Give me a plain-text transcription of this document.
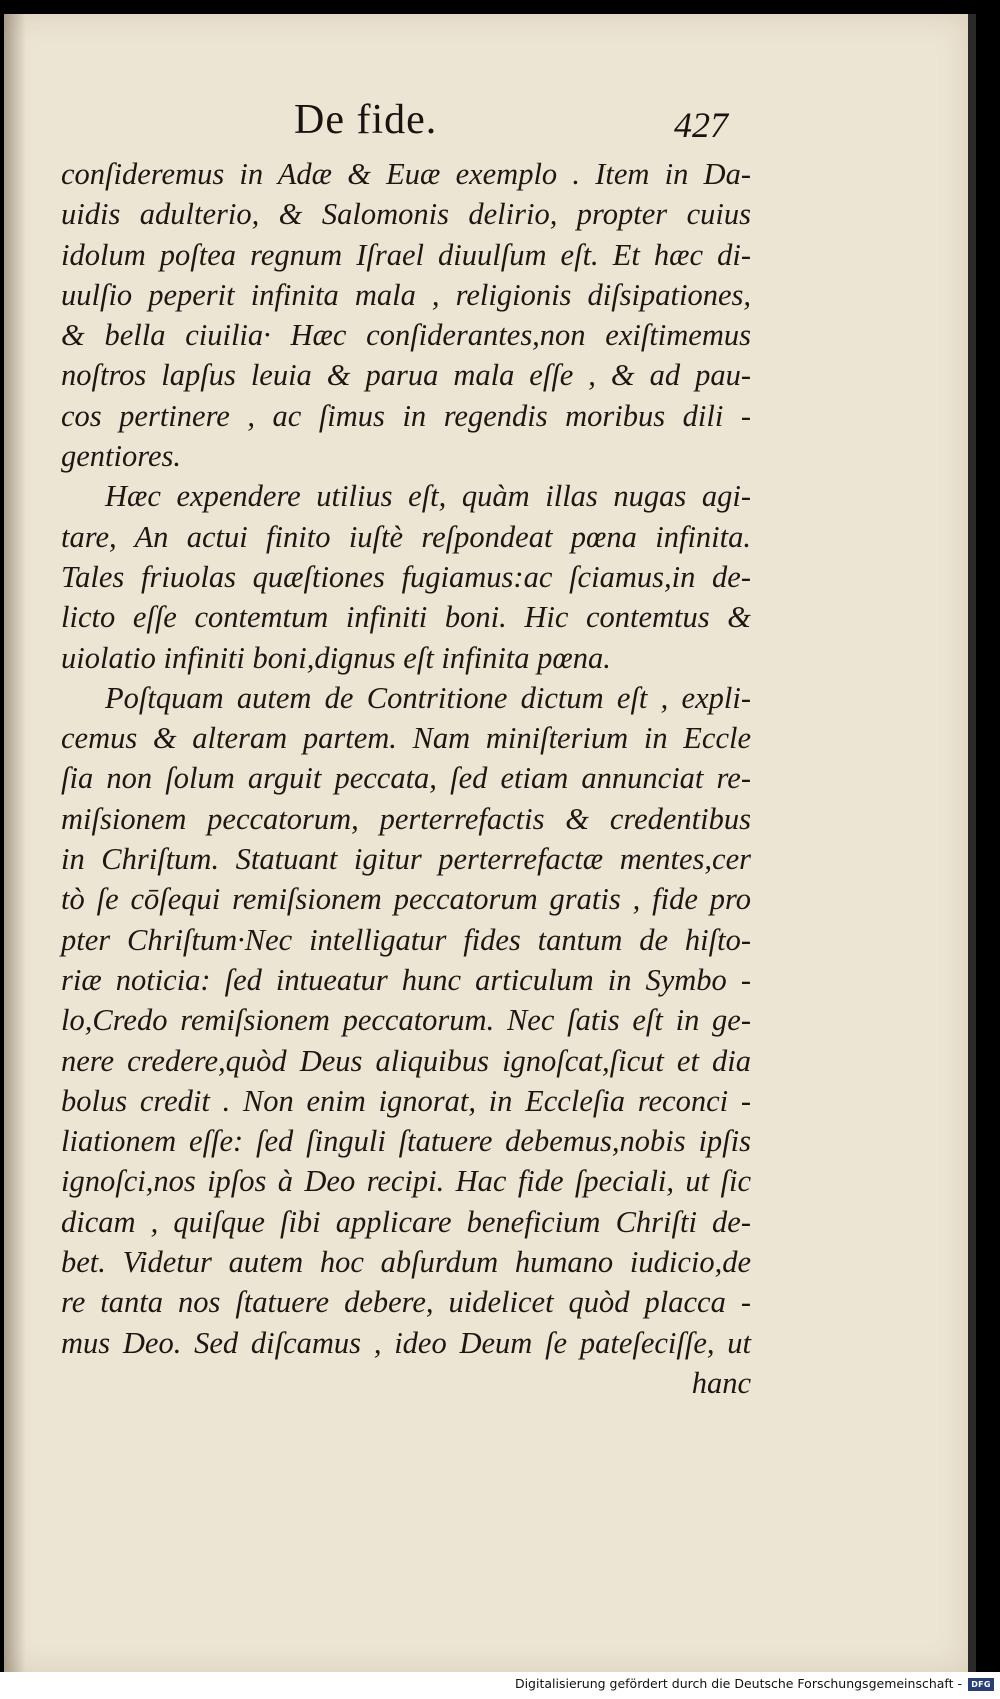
De fide.	427
conſideremus in Adæ & Euæ exemplo . Item in Da-
uidis adulterio, & Salomonis delirio, propter cuius
idolum poſtea regnum Iſrael diuulſum eſt. Et hæc di-
uulſio peperit infinita mala , religionis diſsipationes,
& bella ciuilia· Hæc conſiderantes,non exiſtimemus
noſtros lapſus leuia & parua mala eſſe , & ad pau-
cos pertinere , ac ſimus in regendis moribus dili -
gentiores.
Hæc expendere utilius eſt, quàm illas nugas agi-
tare, An actui finito iuſtè reſpondeat pœna infinita.
Tales friuolas quæſtiones fugiamus:ac ſciamus,in de-
licto eſſe contemtum infiniti boni. Hic contemtus &
uiolatio infiniti boni,dignus eſt infinita pœna.
Poſtquam autem de Contritione dictum eſt , expli-
cemus & alteram partem. Nam miniſterium in Eccle
ſia non ſolum arguit peccata, ſed etiam annunciat re-
miſsionem peccatorum, perterrefactis & credentibus
in Chriſtum. Statuant igitur perterrefactæ mentes,cer
tò ſe cōſequi remiſsionem peccatorum gratis , fide pro
pter Chriſtum·Nec intelligatur fides tantum de hiſto-
riæ noticia: ſed intueatur hunc articulum in Symbo -
lo,Credo remiſsionem peccatorum. Nec ſatis eſt in ge-
nere credere,quòd Deus aliquibus ignoſcat,ſicut et dia
bolus credit . Non enim ignorat, in Eccleſia reconci -
liationem eſſe: ſed ſinguli ſtatuere debemus,nobis ipſis
ignoſci,nos ipſos à Deo recipi. Hac fide ſpeciali, ut ſic
dicam , quiſque ſibi applicare beneficium Chriſti de-
bet. Videtur autem hoc abſurdum humano iudicio,de
re tanta nos ſtatuere debere, uidelicet quòd placca -
mus Deo. Sed diſcamus , ideo Deum ſe pateſeciſſe, ut
hanc
Digitalisierung gefördert durch die Deutsche Forschungsgemeinschaft -	DFG
